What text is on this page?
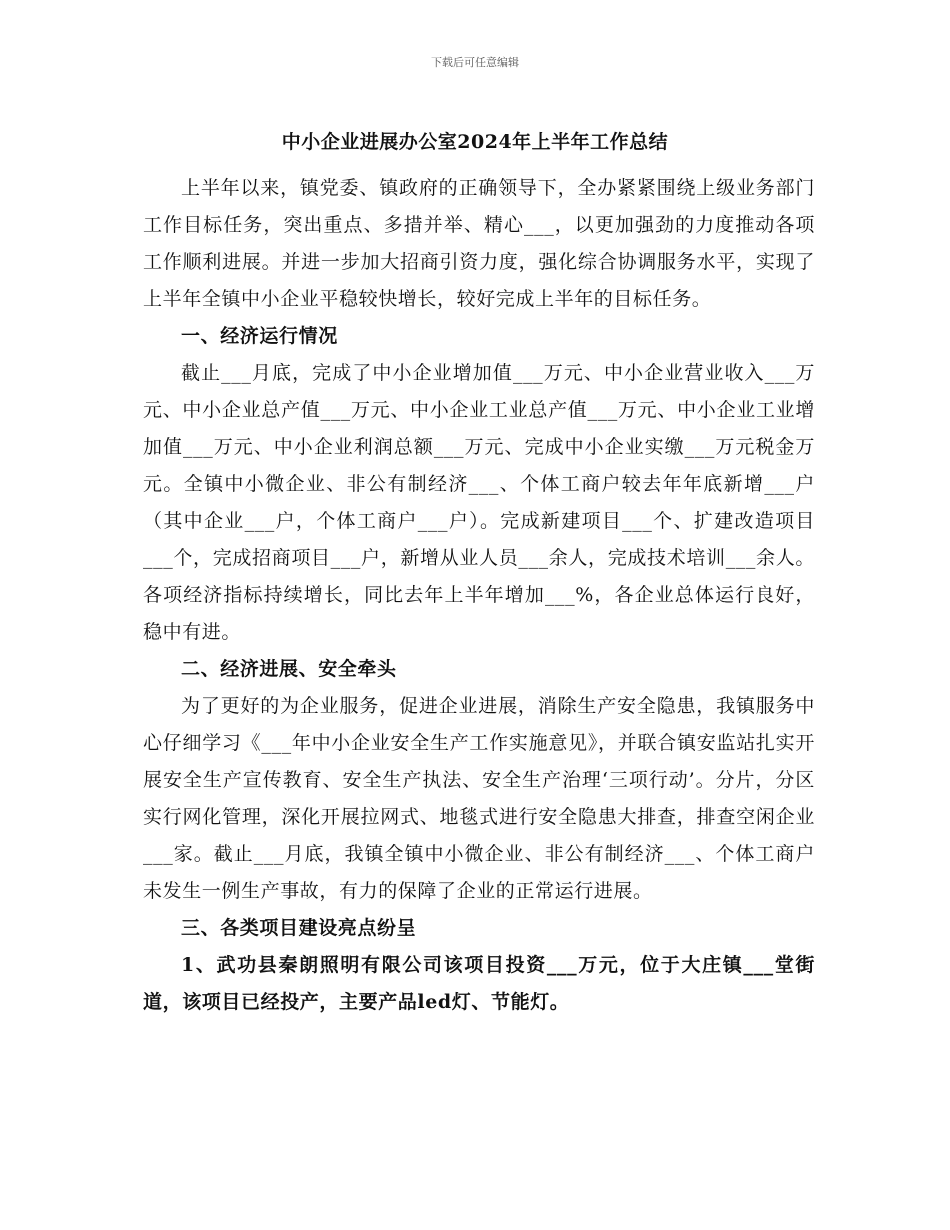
下载后可任意编辑
中小企业进展办公室2024年上半年工作总结

上半年以来，镇党委、镇政府的正确领导下，全办紧紧围绕上级业务部门工作目标任务，突出重点、多措并举、精心___，以更加强劲的力度推动各项工作顺利进展。并进一步加大招商引资力度，强化综合协调服务水平，实现了上半年全镇中小企业平稳较快增长，较好完成上半年的目标任务。

一、经济运行情况

截止___月底，完成了中小企业增加值___万元、中小企业营业收入___万元、中小企业总产值___万元、中小企业工业总产值___万元、中小企业工业增加值___万元、中小企业利润总额___万元、完成中小企业实缴___万元税金万元。全镇中小微企业、非公有制经济___、个体工商户较去年年底新增___户（其中企业___户，个体工商户___户）。完成新建项目___个、扩建改造项目___个，完成招商项目___户，新增从业人员___余人，完成技术培训___余人。各项经济指标持续增长，同比去年上半年增加___%，各企业总体运行良好，稳中有进。

二、经济进展、安全牵头

为了更好的为企业服务，促进企业进展，消除生产安全隐患，我镇服务中心仔细学习《___年中小企业安全生产工作实施意见》，并联合镇安监站扎实开展安全生产宣传教育、安全生产执法、安全生产治理‘三项行动’。分片，分区实行网化管理，深化开展拉网式、地毯式进行安全隐患大排查，排查空闲企业___家。截止___月底，我镇全镇中小微企业、非公有制经济___、个体工商户未发生一例生产事故，有力的保障了企业的正常运行进展。

三、各类项目建设亮点纷呈

1、武功县秦朗照明有限公司该项目投资___万元，位于大庄镇___堂街道，该项目已经投产，主要产品led灯、节能灯。
